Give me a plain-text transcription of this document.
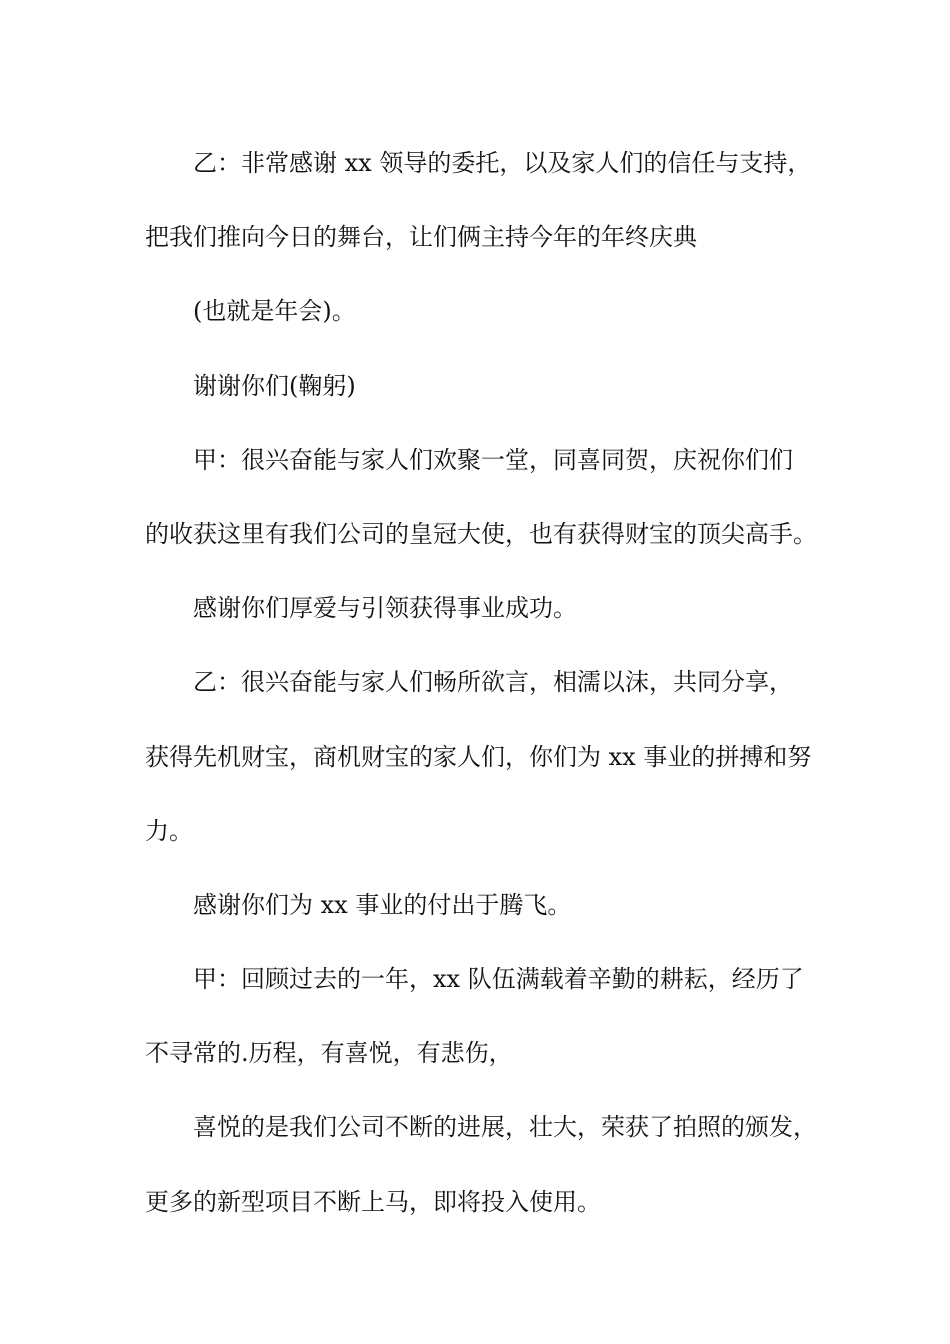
乙：非常感谢 xx 领导的委托，以及家人们的信任与支持，
把我们推向今日的舞台，让们俩主持今年的年终庆典
(也就是年会)。
谢谢你们(鞠躬)
甲：很兴奋能与家人们欢聚一堂，同喜同贺，庆祝你们们
的收获这里有我们公司的皇冠大使，也有获得财宝的顶尖高手。
感谢你们厚爱与引领获得事业成功。
乙：很兴奋能与家人们畅所欲言，相濡以沫，共同分享，
获得先机财宝，商机财宝的家人们，你们为 xx 事业的拼搏和努
力。
感谢你们为 xx 事业的付出于腾飞。
甲：回顾过去的一年，xx 队伍满载着辛勤的耕耘，经历了
不寻常的.历程，有喜悦，有悲伤，
喜悦的是我们公司不断的进展，壮大，荣获了拍照的颁发，
更多的新型项目不断上马，即将投入使用。
